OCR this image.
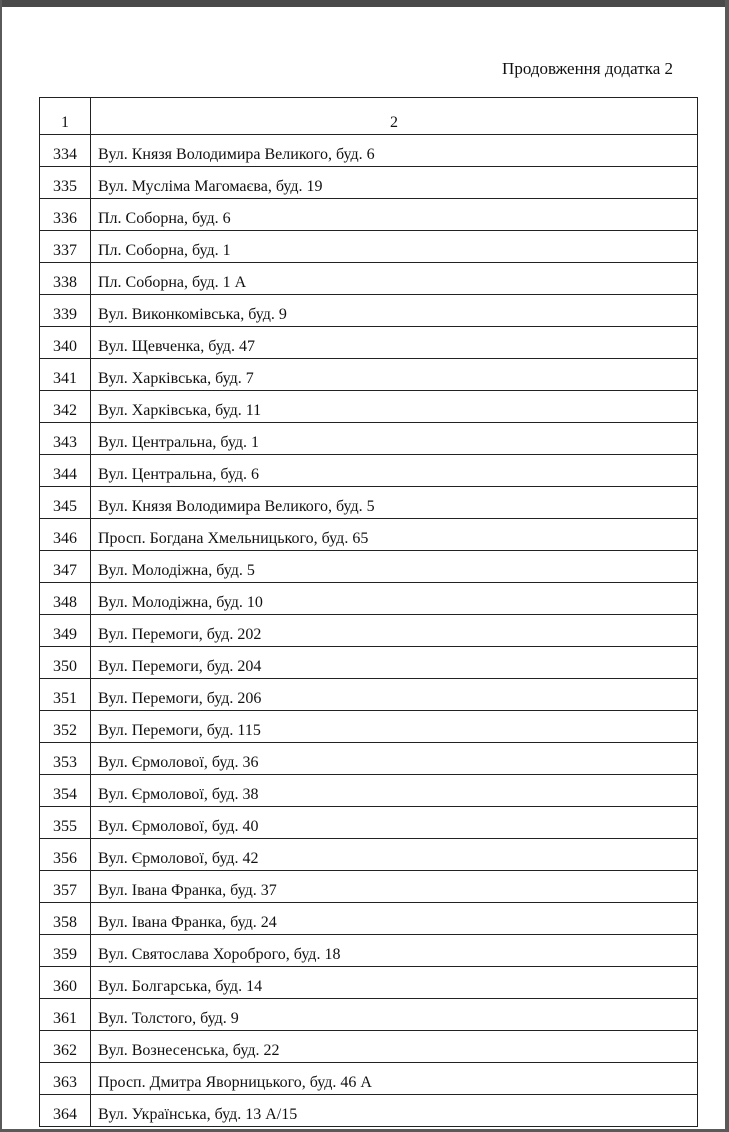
Продовження додатка 2
1	2
334	Вул. Князя Володимира Великого, буд. 6
335	Вул. Мусліма Магомаєва, буд. 19
336	Пл. Соборна, буд. 6
337	Пл. Соборна, буд. 1
338	Пл. Соборна, буд. 1 А
339	Вул. Виконкомівська, буд. 9
340	Вул. Щевченка, буд. 47
341	Вул. Харківська, буд. 7
342	Вул. Харківська, буд. 11
343	Вул. Центральна, буд. 1
344	Вул. Центральна, буд. 6
345	Вул. Князя Володимира Великого, буд. 5
346	Просп. Богдана Хмельницького, буд. 65
347	Вул. Молодіжна, буд. 5
348	Вул. Молодіжна, буд. 10
349	Вул. Перемоги, буд. 202
350	Вул. Перемоги, буд. 204
351	Вул. Перемоги, буд. 206
352	Вул. Перемоги, буд. 115
353	Вул. Єрмолової, буд. 36
354	Вул. Єрмолової, буд. 38
355	Вул. Єрмолової, буд. 40
356	Вул. Єрмолової, буд. 42
357	Вул. Івана Франка, буд. 37
358	Вул. Івана Франка, буд. 24
359	Вул. Святослава Хороброго, буд. 18
360	Вул. Болгарська, буд. 14
361	Вул. Толстого, буд. 9
362	Вул. Вознесенська, буд. 22
363	Просп. Дмитра Яворницького, буд. 46 А
364	Вул. Українська, буд. 13 А/15
